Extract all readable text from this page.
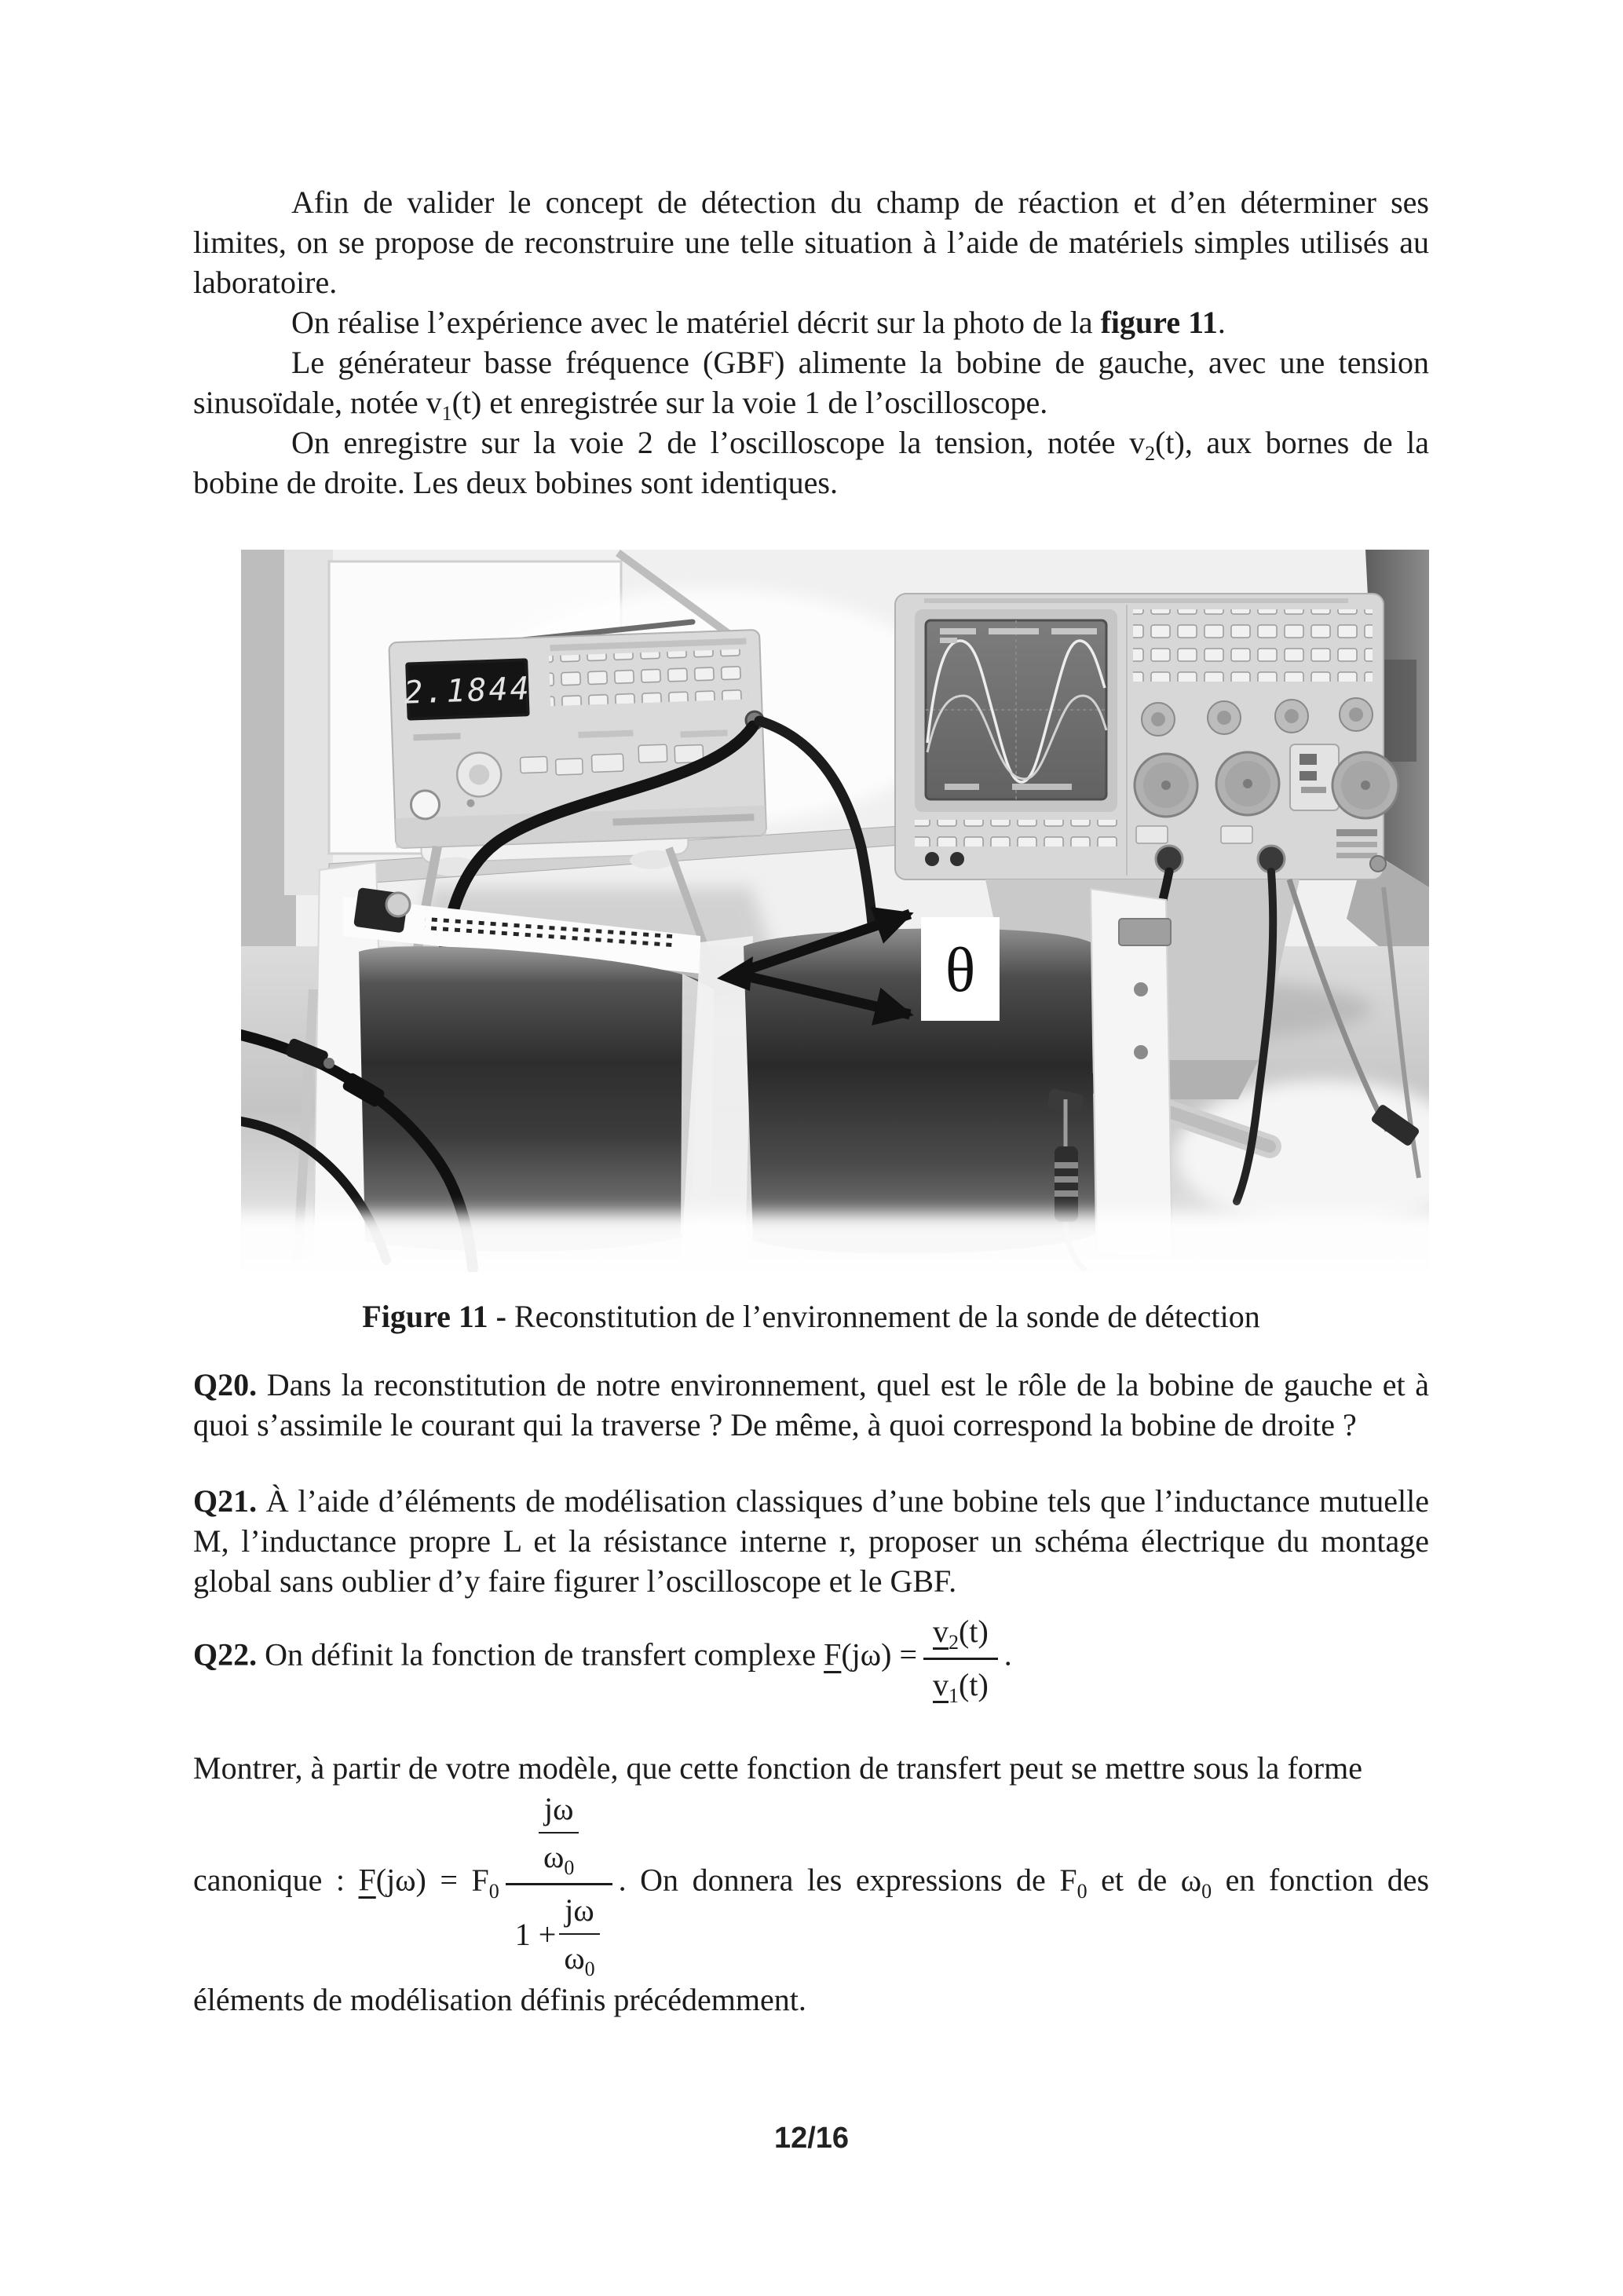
Afin de valider le concept de détection du champ de réaction et d’en déterminer ses limites, on se propose de reconstruire une telle situation à l’aide de matériels simples utilisés au laboratoire.

On réalise l’expérience avec le matériel décrit sur la photo de la figure 11.

Le générateur basse fréquence (GBF) alimente la bobine de gauche, avec une tension sinusoïdale, notée $v_1(t)$ et enregistrée sur la voie 1 de l’oscilloscope.

On enregistre sur la voie 2 de l’oscilloscope la tension, notée $v_2(t)$, aux bornes de la bobine de droite. Les deux bobines sont identiques.

2.1844
θ
Figure 11 - Reconstitution de l’environnement de la sonde de détection

Q20. Dans la reconstitution de notre environnement, quel est le rôle de la bobine de gauche et à quoi s’assimile le courant qui la traverse ? De même, à quoi correspond la bobine de droite ?

Q21. À l’aide d’éléments de modélisation classiques d’une bobine tels que l’inductance mutuelle M, l’inductance propre L et la résistance interne r, proposer un schéma électrique du montage global sans oublier d’y faire figurer l’oscilloscope et le GBF.

Q22. On définit la fonction de transfert complexe $F(j\omega) = \frac{v_2(t)}{v_1(t)}$ .

Montrer, à partir de votre modèle, que cette fonction de transfert peut se mettre sous la forme

canonique : $F(j\omega) = F_0 \frac{\frac{j\omega}{\omega_0}}{1 + \frac{j\omega}{\omega_0}}$ . On donnera les expressions de $F_0$ et de $\omega_0$ en fonction des éléments de modélisation définis précédemment.

12/16
